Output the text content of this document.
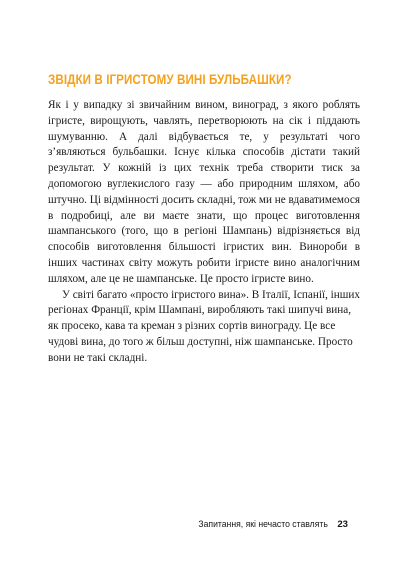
ЗВІДКИ В ІГРИСТОМУ ВИНІ БУЛЬБАШКИ?

Як і у випадку зі звичайним вином, виноград, з якого роблять ігристе, вирощують, чавлять, перетворюють на сік і піддають шумуванню. А далі відбувається те, у результаті чого з’являються бульбашки. Існує кілька способів дістати такий результат. У кожній із цих технік треба створити тиск за допомогою вуглекислого газу — або природним шляхом, або штучно. Ці відмінності досить складні, тож ми не вдаватимемося в подробиці, але ви маєте знати, що процес виготовлення шампанського (того, що в регіоні Шампань) відрізняється від способів виготовлення більшості ігристих вин. Винороби в інших частинах світу можуть робити ігристе вино аналогічним шляхом, але це не шампанське. Це просто ігристе вино.

У світі багато «просто ігристого вина». В Італії, Іспанії, інших регіонах Франції, крім Шампані, виробляють такі шипучі вина, як просеко, кава та креман з різних сортів винограду. Це все чудові вина, до того ж більш доступні, ніж шампанське. Просто вони не такі складні.

Запитання, які нечасто ставлять 23
